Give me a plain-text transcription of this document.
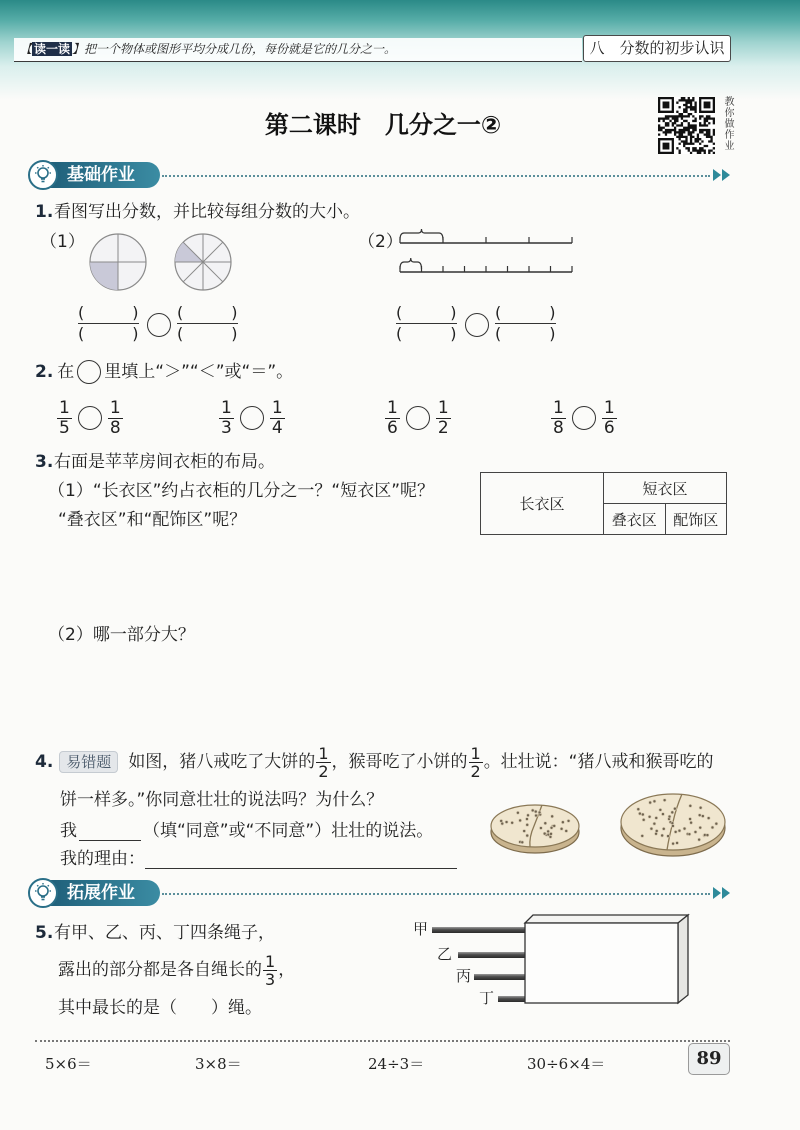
【 读一读 】把一个物体或图形平均分成几份，每份就是它的几分之一。	八　分数的初步认识
第二课时　几分之一②	教你做作业
基础作业
1. 看图写出分数，并比较每组分数的大小。
（1）	（2）
(　　　)
(　　　)
(　　　)
(　　　)
(　　　)
(　　　)
(　　　)
(　　　)
2. 在 里填上“＞”“＜”或“＝”。
$\frac{1}{5} \frac{1}{8}$	$\frac{1}{3} \frac{1}{4}$	$\frac{1}{6} \frac{1}{2}$	$\frac{1}{8} \frac{1}{6}$
3. 右面是苹苹房间衣柜的布局。
（1）“长衣区”约占衣柜的几分之一？“短衣区”呢？
“叠衣区”和“配饰区”呢？
长衣区	短衣区	
	叠衣区	配饰区
（2）哪一部分大？
4. 易错题	如图，猪八戒吃了大饼的 $\frac{1}{2}$ ，猴哥吃了小饼的 $\frac{1}{2}$ 。壮壮说：“猪八戒和猴哥吃的
饼一样多。”你同意壮壮的说法吗？为什么？
我	（填“同意”或“不同意”）壮壮的说法。
我的理由：
拓展作业
5. 有甲、乙、丙、丁四条绳子，
露出的部分都是各自绳长的 $\frac{1}{3}$ ，
其中最长的是（　　）绳。
甲
乙
丙
丁
5×6＝	3×8＝	24÷3＝	30÷6×4＝	89
